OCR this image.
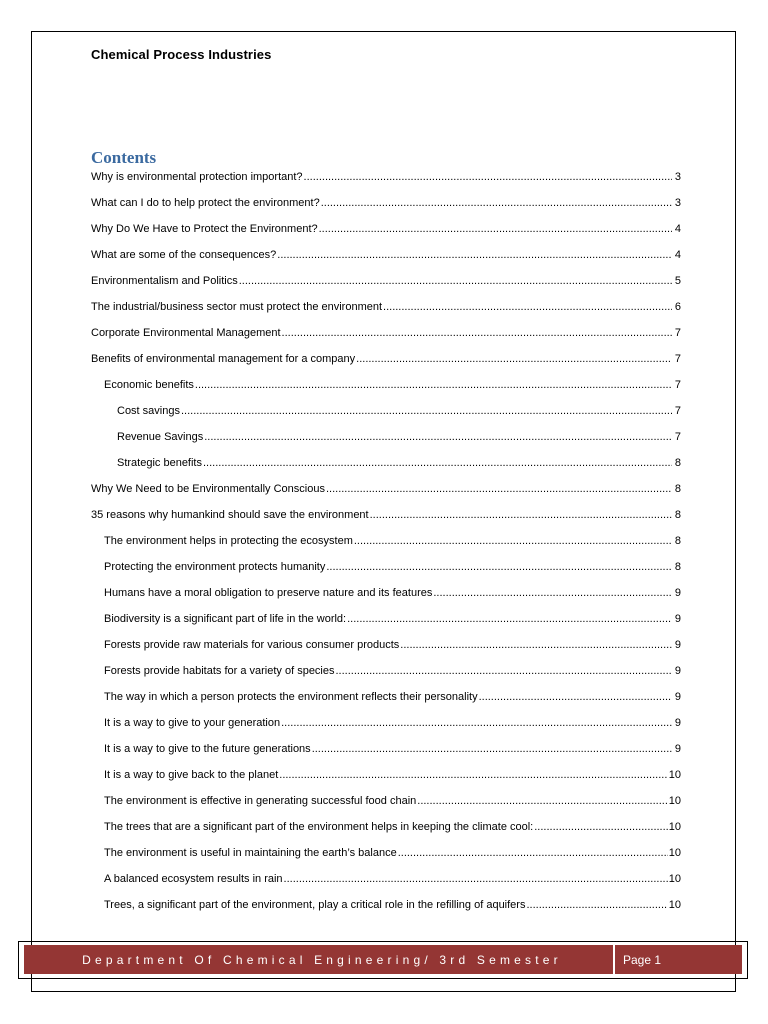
Chemical Process Industries
Contents
Why is environmental protection important? .....	3
What can I do to help protect the environment? .....	3
Why Do We Have to Protect the Environment? .....	4
What are some of the consequences? .....	4
Environmentalism and Politics .....	5
The industrial/business sector must protect the environment .....	6
Corporate Environmental Management .....	7
Benefits of environmental management for a company .....	7
Economic benefits .....	7
Cost savings .....	7
Revenue Savings .....	7
Strategic benefits .....	8
Why We Need to be Environmentally Conscious .....	8
35 reasons why humankind should save the environment .....	8
The environment helps in protecting the ecosystem .....	8
Protecting the environment protects humanity .....	8
Humans have a moral obligation to preserve nature and its features .....	9
Biodiversity is a significant part of life in the world: .....	9
Forests provide raw materials for various consumer products .....	9
Forests provide habitats for a variety of species .....	9
The way in which a person protects the environment reflects their personality .....	9
It is a way to give to your generation .....	9
It is a way to give to the future generations .....	9
It is a way to give back to the planet .....	10
The environment is effective in generating successful food chain .....	10
The trees that are a significant part of the environment helps in keeping the climate cool: .....	10
The environment is useful in maintaining the earth’s balance .....	10
A balanced ecosystem results in rain .....	10
Trees, a significant part of the environment, play a critical role in the refilling of aquifers .....	10
Department Of Chemical Engineering/ 3rd Semester	Page 1
